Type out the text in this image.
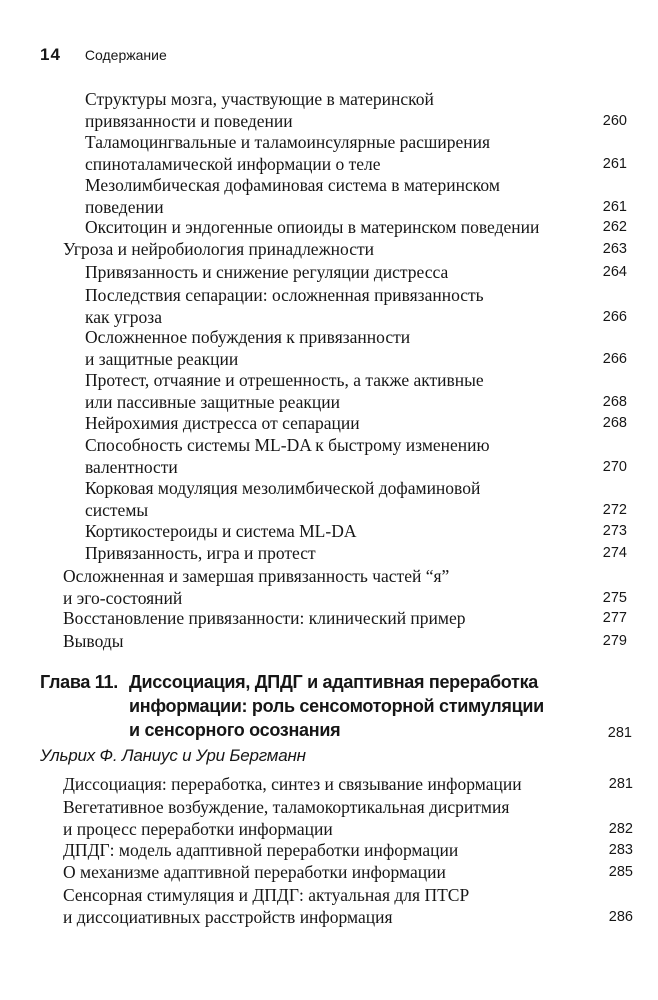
14 Содержание
Структуры мозга, участвующие в материнской
привязанности и поведении	260
Таламоцингвальные и таламоинсулярные расширения
спиноталамической информации о теле	261
Мезолимбическая дофаминовая система в материнском
поведении	261
Окситоцин и эндогенные опиоиды в материнском поведении	262
Угроза и нейробиология принадлежности	263
Привязанность и снижение регуляции дистресса	264
Последствия сепарации: осложненная привязанность
как угроза	266
Осложненное побуждения к привязанности
и защитные реакции	266
Протест, отчаяние и отрешенность, а также активные
или пассивные защитные реакции	268
Нейрохимия дистресса от сепарации	268
Способность системы ML-DA к быстрому изменению
валентности	270
Корковая модуляция мезолимбической дофаминовой
системы	272
Кортикостероиды и система ML-DA	273
Привязанность, игра и протест	274
Осложненная и замершая привязанность частей “я”
и эго-состояний	275
Восстановление привязанности: клинический пример	277
Выводы	279
Глава 11. Диссоциация, ДПДГ и адаптивная переработка
информации: роль сенсомоторной стимуляции
и сенсорного осознания	281
Ульрих Ф. Ланиус и Ури Бергманн
Диссоциация: переработка, синтез и связывание информации	281
Вегетативное возбуждение, таламокортикальная дисритмия
и процесс переработки информации	282
ДПДГ: модель адаптивной переработки информации	283
О механизме адаптивной переработки информации	285
Сенсорная стимуляция и ДПДГ: актуальная для ПТСР
и диссоциативных расстройств информация	286
